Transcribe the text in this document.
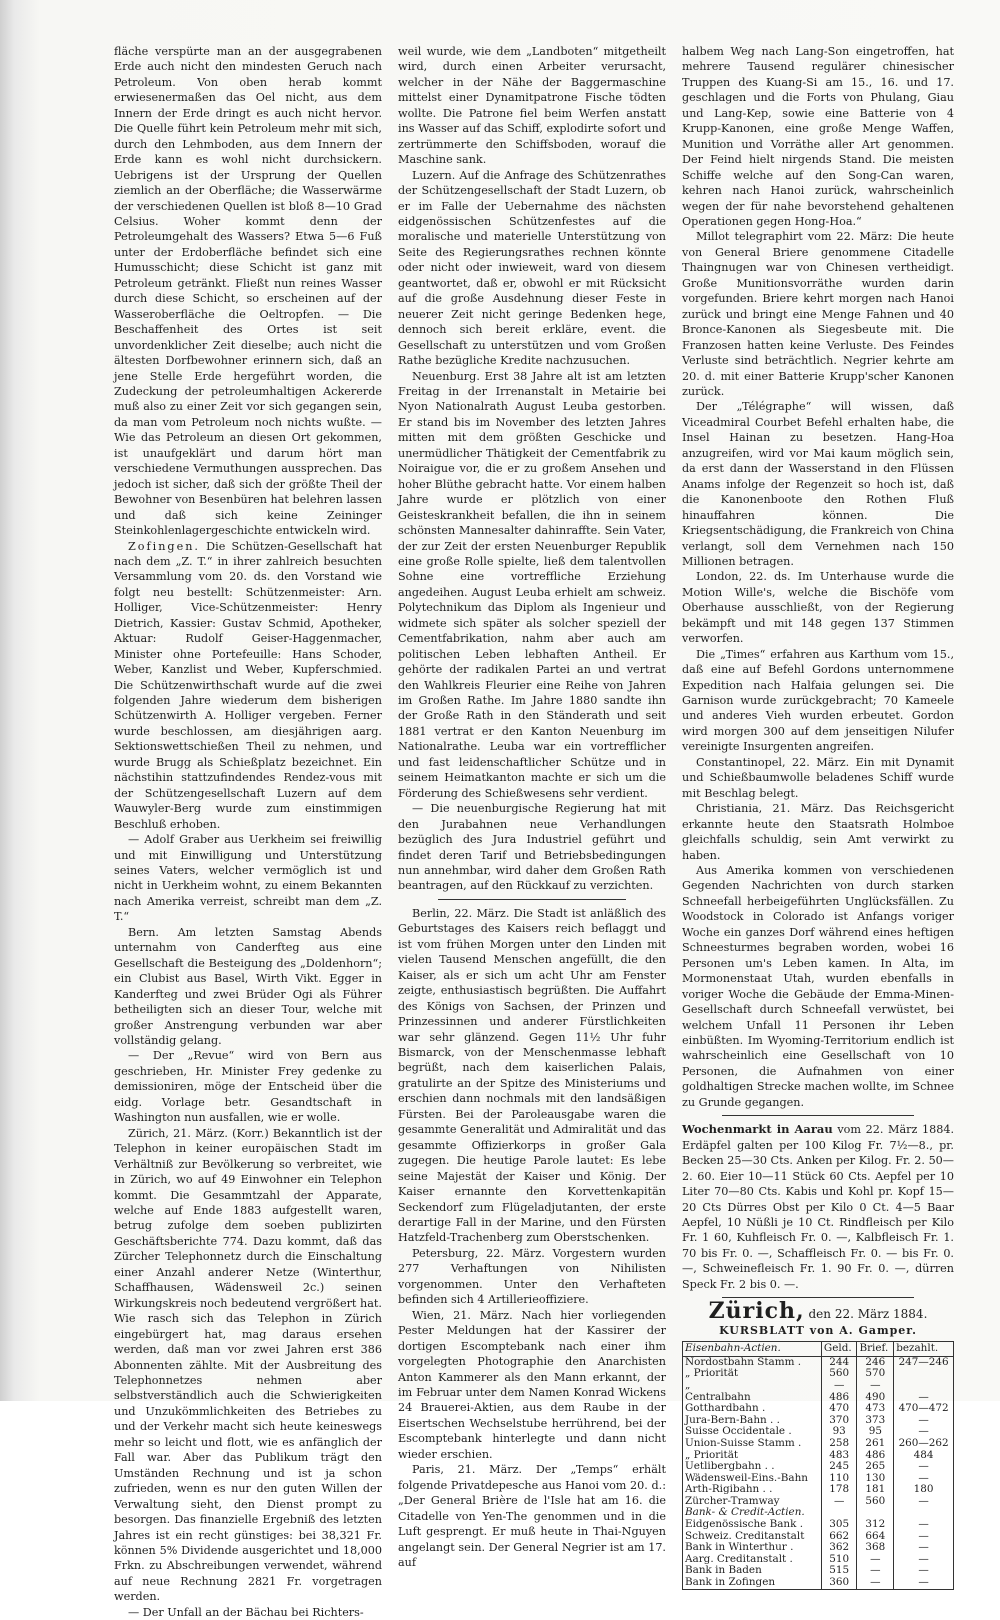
fläche verspürte man an der ausgegrabenen Erde auch nicht den mindesten Geruch nach Petroleum. Von oben herab kommt erwiesenermaßen das Oel nicht, aus dem Innern der Erde dringt es auch nicht hervor. Die Quelle führt kein Petroleum mehr mit sich, durch den Lehmboden, aus dem Innern der Erde kann es wohl nicht durchsickern. Uebrigens ist der Ursprung der Quellen ziemlich an der Oberfläche; die Wasserwärme der verschiedenen Quellen ist bloß 8—10 Grad Celsius. Woher kommt denn der Petroleumgehalt des Wassers? Etwa 5—6 Fuß unter der Erdoberfläche befindet sich eine Humusschicht; diese Schicht ist ganz mit Petroleum getränkt. Fließt nun reines Wasser durch diese Schicht, so erscheinen auf der Wasseroberfläche die Oeltropfen. — Die Beschaffenheit des Ortes ist seit unvordenklicher Zeit dieselbe; auch nicht die ältesten Dorfbewohner erinnern sich, daß an jene Stelle Erde hergeführt worden, die Zudeckung der petroleumhaltigen Ackererde muß also zu einer Zeit vor sich gegangen sein, da man vom Petroleum noch nichts wußte. — Wie das Petroleum an diesen Ort gekommen, ist unaufgeklärt und darum hört man verschiedene Vermuthungen aussprechen. Das jedoch ist sicher, daß sich der größte Theil der Bewohner von Besenbüren hat belehren lassen und daß sich keine Zeininger Steinkohlenlagergeschichte entwickeln wird.

Zofingen. Die Schützen-Gesellschaft hat nach dem „Z. T.“ in ihrer zahlreich besuchten Versammlung vom 20. ds. den Vorstand wie folgt neu bestellt: Schützenmeister: Arn. Holliger, Vice-Schützenmeister: Henry Dietrich, Kassier: Gustav Schmid, Apotheker, Aktuar: Rudolf Geiser-Haggenmacher, Minister ohne Portefeuille: Hans Schoder, Weber, Kanzlist und Weber, Kupferschmied. Die Schützenwirthschaft wurde auf die zwei folgenden Jahre wiederum dem bisherigen Schützenwirth A. Holliger vergeben. Ferner wurde beschlossen, am diesjährigen aarg. Sektionswettschießen Theil zu nehmen, und wurde Brugg als Schießplatz bezeichnet. Ein nächstihin stattzufindendes Rendez-vous mit der Schützengesellschaft Luzern auf dem Wauwyler-Berg wurde zum einstimmigen Beschluß erhoben.

— Adolf Graber aus Uerkheim sei freiwillig und mit Einwilligung und Unterstützung seines Vaters, welcher vermöglich ist und nicht in Uerkheim wohnt, zu einem Bekannten nach Amerika verreist, schreibt man dem „Z. T.“

Bern. Am letzten Samstag Abends unternahm von Canderfteg aus eine Gesellschaft die Besteigung des „Doldenhorn“; ein Clubist aus Basel, Wirth Vikt. Egger in Kanderfteg und zwei Brüder Ogi als Führer betheiligten sich an dieser Tour, welche mit großer Anstrengung verbunden war aber vollständig gelang.

— Der „Revue“ wird von Bern aus geschrieben, Hr. Minister Frey gedenke zu demissioniren, möge der Entscheid über die eidg. Vorlage betr. Gesandtschaft in Washington nun ausfallen, wie er wolle.

Zürich, 21. März. (Korr.) Bekanntlich ist der Telephon in keiner europäischen Stadt im Verhältniß zur Bevölkerung so verbreitet, wie in Zürich, wo auf 49 Einwohner ein Telephon kommt. Die Gesammtzahl der Apparate, welche auf Ende 1883 aufgestellt waren, betrug zufolge dem soeben publizirten Geschäftsberichte 774. Dazu kommt, daß das Zürcher Telephonnetz durch die Einschaltung einer Anzahl anderer Netze (Winterthur, Schaffhausen, Wädensweil 2c.) seinen Wirkungskreis noch bedeutend vergrößert hat. Wie rasch sich das Telephon in Zürich eingebürgert hat, mag daraus ersehen werden, daß man vor zwei Jahren erst 386 Abonnenten zählte. Mit der Ausbreitung des Telephonnetzes nehmen aber selbstverständlich auch die Schwierigkeiten und Unzukömmlichkeiten des Betriebes zu und der Verkehr macht sich heute keineswegs mehr so leicht und flott, wie es anfänglich der Fall war. Aber das Publikum trägt den Umständen Rechnung und ist ja schon zufrieden, wenn es nur den guten Willen der Verwaltung sieht, den Dienst prompt zu besorgen. Das finanzielle Ergebniß des letzten Jahres ist ein recht günstiges: bei 38,321 Fr. können 5% Dividende ausgerichtet und 18,000 Frkn. zu Abschreibungen verwendet, während auf neue Rechnung 2821 Fr. vorgetragen werden.

— Der Unfall an der Bächau bei Richters-

weil wurde, wie dem „Landboten“ mitgetheilt wird, durch einen Arbeiter verursacht, welcher in der Nähe der Baggermaschine mittelst einer Dynamitpatrone Fische tödten wollte. Die Patrone fiel beim Werfen anstatt ins Wasser auf das Schiff, explodirte sofort und zertrümmerte den Schiffsboden, worauf die Maschine sank.

Luzern. Auf die Anfrage des Schützenrathes der Schützengesellschaft der Stadt Luzern, ob er im Falle der Uebernahme des nächsten eidgenössischen Schützenfestes auf die moralische und materielle Unterstützung von Seite des Regierungsrathes rechnen könnte oder nicht oder inwieweit, ward von diesem geantwortet, daß er, obwohl er mit Rücksicht auf die große Ausdehnung dieser Feste in neuerer Zeit nicht geringe Bedenken hege, dennoch sich bereit erkläre, event. die Gesellschaft zu unterstützen und vom Großen Rathe bezügliche Kredite nachzusuchen.

Neuenburg. Erst 38 Jahre alt ist am letzten Freitag in der Irrenanstalt in Metairie bei Nyon Nationalrath August Leuba gestorben. Er stand bis im November des letzten Jahres mitten mit dem größten Geschicke und unermüdlicher Thätigkeit der Cementfabrik zu Noiraigue vor, die er zu großem Ansehen und hoher Blüthe gebracht hatte. Vor einem halben Jahre wurde er plötzlich von einer Geisteskrankheit befallen, die ihn in seinem schönsten Mannesalter dahinraffte. Sein Vater, der zur Zeit der ersten Neuenburger Republik eine große Rolle spielte, ließ dem talentvollen Sohne eine vortreffliche Erziehung angedeihen. August Leuba erhielt am schweiz. Polytechnikum das Diplom als Ingenieur und widmete sich später als solcher speziell der Cementfabrikation, nahm aber auch am politischen Leben lebhaften Antheil. Er gehörte der radikalen Partei an und vertrat den Wahlkreis Fleurier eine Reihe von Jahren im Großen Rathe. Im Jahre 1880 sandte ihn der Große Rath in den Ständerath und seit 1881 vertrat er den Kanton Neuenburg im Nationalrathe. Leuba war ein vortrefflicher und fast leidenschaftlicher Schütze und in seinem Heimatkanton machte er sich um die Förderung des Schießwesens sehr verdient.

— Die neuenburgische Regierung hat mit den Jurabahnen neue Verhandlungen bezüglich des Jura Industriel geführt und findet deren Tarif und Betriebsbedingungen nun annehmbar, wird daher dem Großen Rath beantragen, auf den Rückkauf zu verzichten.

Berlin, 22. März. Die Stadt ist anläßlich des Geburtstages des Kaisers reich beflaggt und ist vom frühen Morgen unter den Linden mit vielen Tausend Menschen angefüllt, die den Kaiser, als er sich um acht Uhr am Fenster zeigte, enthusiastisch begrüßten. Die Auffahrt des Königs von Sachsen, der Prinzen und Prinzessinnen und anderer Fürstlichkeiten war sehr glänzend. Gegen 11½ Uhr fuhr Bismarck, von der Menschenmasse lebhaft begrüßt, nach dem kaiserlichen Palais, gratulirte an der Spitze des Ministeriums und erschien dann nochmals mit den landsäßigen Fürsten. Bei der Paroleausgabe waren die gesammte Generalität und Admiralität und das gesammte Offizierkorps in großer Gala zugegen. Die heutige Parole lautet: Es lebe seine Majestät der Kaiser und König. Der Kaiser ernannte den Korvettenkapitän Seckendorf zum Flügeladjutanten, der erste derartige Fall in der Marine, und den Fürsten Hatzfeld-Trachenberg zum Oberstschenken.

Petersburg, 22. März. Vorgestern wurden 277 Verhaftungen von Nihilisten vorgenommen. Unter den Verhafteten befinden sich 4 Artillerieoffiziere.

Wien, 21. März. Nach hier vorliegenden Pester Meldungen hat der Kassirer der dortigen Escomptebank nach einer ihm vorgelegten Photographie den Anarchisten Anton Kammerer als den Mann erkannt, der im Februar unter dem Namen Konrad Wickens 24 Brauerei-Aktien, aus dem Raube in der Eisertschen Wechselstube herrührend, bei der Escomptebank hinterlegte und dann nicht wieder erschien.

Paris, 21. März. Der „Temps“ erhält folgende Privatdepesche aus Hanoi vom 20. d.: „Der General Brière de l'Isle hat am 16. die Citadelle von Yen-The genommen und in die Luft gesprengt. Er muß heute in Thai-Nguyen angelangt sein. Der General Negrier ist am 17. auf

halbem Weg nach Lang-Son eingetroffen, hat mehrere Tausend regulärer chinesischer Truppen des Kuang-Si am 15., 16. und 17. geschlagen und die Forts von Phulang, Giau und Lang-Kep, sowie eine Batterie von 4 Krupp-Kanonen, eine große Menge Waffen, Munition und Vorräthe aller Art genommen. Der Feind hielt nirgends Stand. Die meisten Schiffe welche auf den Song-Can waren, kehren nach Hanoi zurück, wahrscheinlich wegen der für nahe bevorstehend gehaltenen Operationen gegen Hong-Hoa.“

Millot telegraphirt vom 22. März: Die heute von General Briere genommene Citadelle Thaingnugen war von Chinesen vertheidigt. Große Munitionsvorräthe wurden darin vorgefunden. Briere kehrt morgen nach Hanoi zurück und bringt eine Menge Fahnen und 40 Bronce-Kanonen als Siegesbeute mit. Die Franzosen hatten keine Verluste. Des Feindes Verluste sind beträchtlich. Negrier kehrte am 20. d. mit einer Batterie Krupp'scher Kanonen zurück.

Der „Télégraphe“ will wissen, daß Viceadmiral Courbet Befehl erhalten habe, die Insel Hainan zu besetzen. Hang-Hoa anzugreifen, wird vor Mai kaum möglich sein, da erst dann der Wasserstand in den Flüssen Anams infolge der Regenzeit so hoch ist, daß die Kanonenboote den Rothen Fluß hinauffahren können. Die Kriegsentschädigung, die Frankreich von China verlangt, soll dem Vernehmen nach 150 Millionen betragen.

London, 22. ds. Im Unterhause wurde die Motion Wille's, welche die Bischöfe vom Oberhause ausschließt, von der Regierung bekämpft und mit 148 gegen 137 Stimmen verworfen.

Die „Times“ erfahren aus Karthum vom 15., daß eine auf Befehl Gordons unternommene Expedition nach Halfaia gelungen sei. Die Garnison wurde zurückgebracht; 70 Kameele und anderes Vieh wurden erbeutet. Gordon wird morgen 300 auf dem jenseitigen Nilufer vereinigte Insurgenten angreifen.

Constantinopel, 22. März. Ein mit Dynamit und Schießbaumwolle beladenes Schiff wurde mit Beschlag belegt.

Christiania, 21. März. Das Reichsgericht erkannte heute den Staatsrath Holmboe gleichfalls schuldig, sein Amt verwirkt zu haben.

Aus Amerika kommen von verschiedenen Gegenden Nachrichten von durch starken Schneefall herbeigeführten Unglücksfällen. Zu Woodstock in Colorado ist Anfangs voriger Woche ein ganzes Dorf während eines heftigen Schneesturmes begraben worden, wobei 16 Personen um's Leben kamen. In Alta, im Mormonenstaat Utah, wurden ebenfalls in voriger Woche die Gebäude der Emma-Minen-Gesellschaft durch Schneefall verwüstet, bei welchem Unfall 11 Personen ihr Leben einbüßten. Im Wyoming-Territorium endlich ist wahrscheinlich eine Gesellschaft von 10 Personen, die Aufnahmen von einer goldhaltigen Strecke machen wollte, im Schnee zu Grunde gegangen.

Wochenmarkt in Aarau vom 22. März 1884. Erdäpfel galten per 100 Kilog Fr. 7½—8., pr. Becken 25—30 Cts. Anken per Kilog. Fr. 2. 50—2. 60. Eier 10—11 Stück 60 Cts. Aepfel per 10 Liter 70—80 Cts. Kabis und Kohl pr. Kopf 15—20 Cts Dürres Obst per Kilo 0 Ct. 4—5 Baar Aepfel, 10 Nüßli je 10 Ct. Rindfleisch per Kilo Fr. 1 60, Kuhfleisch Fr. 0. —, Kalbfleisch Fr. 1. 70 bis Fr. 0. —, Schaffleisch Fr. 0. — bis Fr. 0. —, Schweinefleisch Fr. 1. 90 Fr. 0. —, dürren Speck Fr. 2 bis 0. —.

Zürich, den 22. März 1884.
KURSBLATT von A. Gamper.
Eisenbahn-Actien.	Geld.	Brief.	bezahlt.
Nordostbahn Stamm .	244	246	247—246
„ Priorität	560	570	
„	—	—	
Centralbahn	486	490	—
Gotthardbahn .	470	473	470—472
Jura-Bern-Bahn . .	370	373	—
Suisse Occidentale .	93	95	—
Union-Suisse Stamm .	258	261	260—262
„ Priorität	483	486	484
Uetlibergbahn . .	245	265	—
Wädensweil-Eins.-Bahn	110	130	—
Arth-Rigibahn . .	178	181	180
Zürcher-Tramway	—	560	—
Bank- & Credit-Actien.			
Eidgenössische Bank .	305	312	—
Schweiz. Creditanstalt	662	664	—
Bank in Winterthur .	362	368	—
Aarg. Creditanstalt .	510	—	—
Bank in Baden	515	—	—
Bank in Zofingen	360	—	—
